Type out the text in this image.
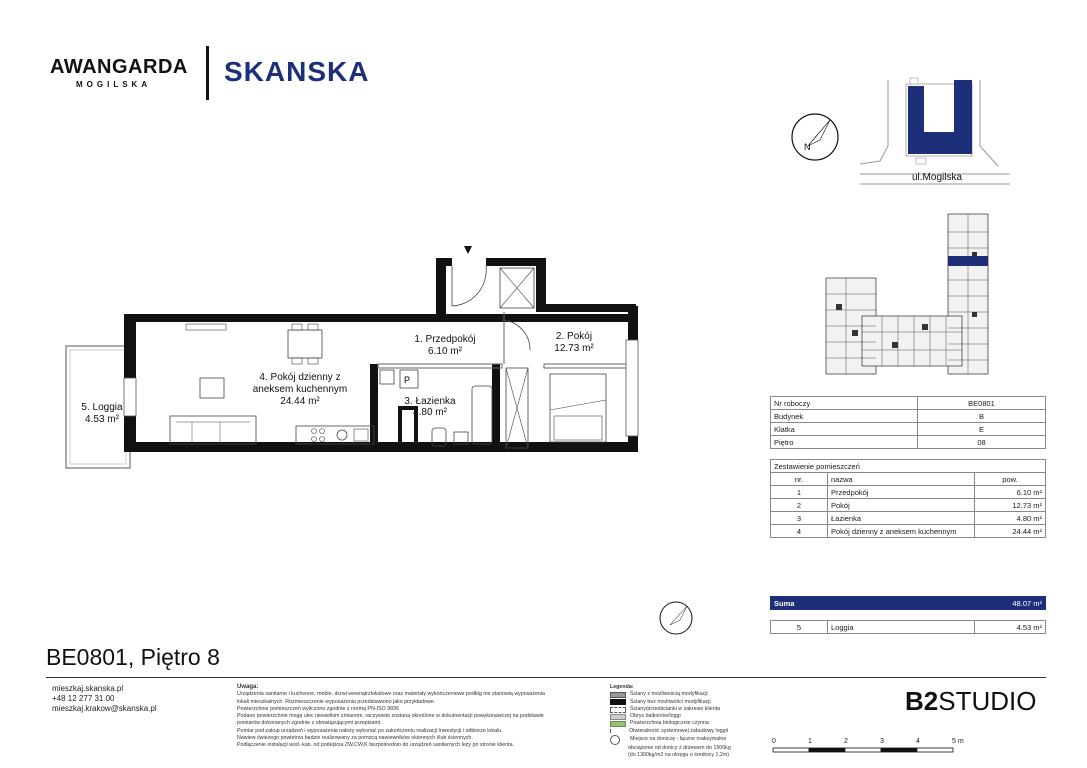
AWANGARDA
MOGILSKA	SKANSKA
N
ul.Mogilska
P
1. Przedpokój
6.10 m²
2. Pokój
12.73 m²
3. Łazienka
4.80 m²
4. Pokój dzienny z
aneksem kuchennym
24.44 m²
5. Loggia
4.53 m²
Nr roboczy	BE0801
Budynek	B
Klatka	E
Piętro	08
Zestawienie pomieszczeń		
nr.	nazwa	pow.
1	Przedpokój	6.10 m²
2	Pokój	12.73 m²
3	Łazienka	4.80 m²
4	Pokój dzienny z aneksem kuchennym	24.44 m²
Suma	48.07 m²
5	Loggia	4.53 m²
BE0801, Piętro 8
mieszkaj.skanska.pl
+48 12 277 31 00
mieszkaj.krakow@skanska.pl
Uwaga:
Urządzenia sanitarne i kuchenne, meble, drzwi wewnątrzlokalowe oraz materiały wykończeniowe podłóg nie stanowią wyposażenia
lokali mieszkalnych. Rozmieszczenie wyposażenia przedstawiono jako przykładowe.
Powierzchnie pomieszczeń wyliczono zgodnie z normą PN-ISO 9836
Podane powierzchnie mogą ulec niewielkim zmianom, raczywiste zostaną określone w dokumentacji powykonawczej na podstawie
pomiarów dokonanych zgodnie z obowiązującymi przepisami.
Pomiar pod zakup urządzeń i wyposażenia należy wykonać po zakończeniu realizacji Inwestycji i odbiorze lokalu.
Nawiew świeżego powietrza będzie realizowany za pomocą nawiewników okiennych i/lub ściennych.
Podłączenie instalacji wod.-kan. od podejścia ZW,CW,K bezpośrednio do urządzeń sanitarnych leży po stronie klienta.
Legenda:
Ściany z możliwością modyfikacji
Ściany bez możliwości modyfikacji
Ściany/przedścianki w zakresie klienta
Obrys balkonów/loggi
Powierzchnia biologicznie czynna
Otwieralność systemowej zabudowy loggii
Miejsce na doniczę - łączne maksymalne
obciążenie od donicy z drzewem do 1500kg
(do 1300kg/m2 na okręgu o średnicy 1,2m)
B2STUDIO
0	1	2	3	4	5 m
